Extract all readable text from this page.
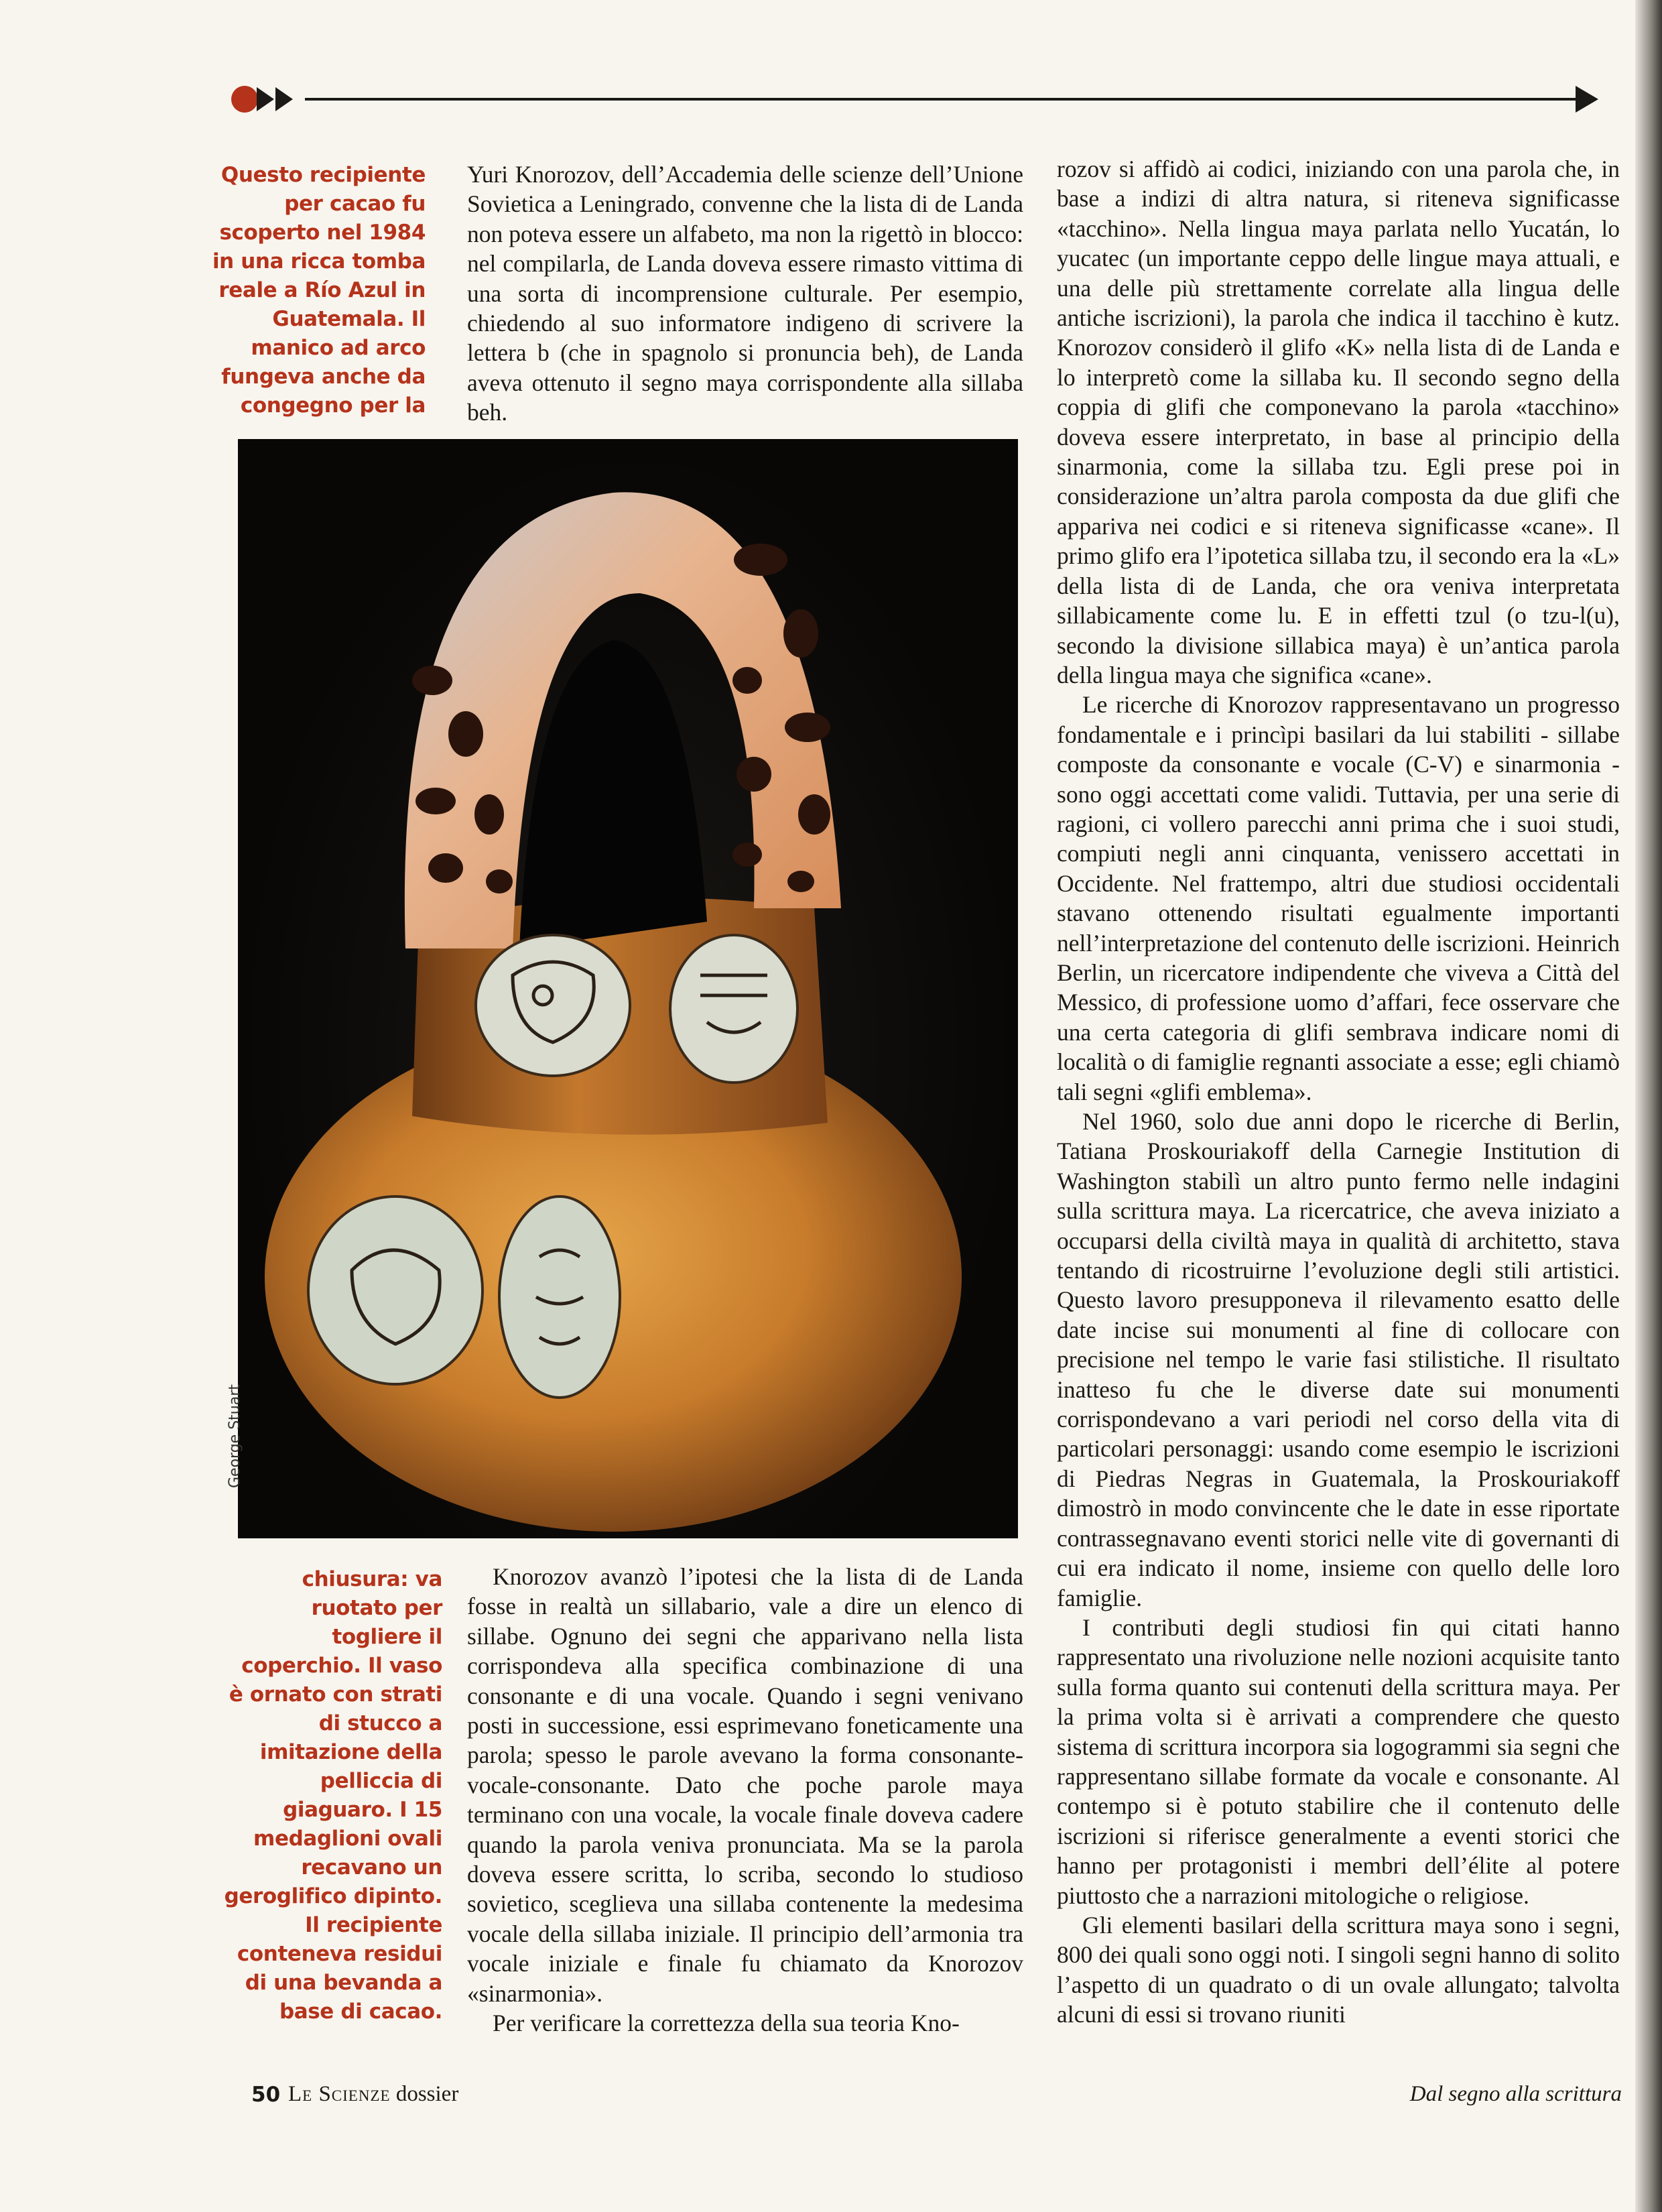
Questo recipiente per cacao fu scoperto nel 1984 in una ricca tomba reale a Río Azul in Guatemala. Il manico ad arco fungeva anche da congegno per la

Yuri Knorozov, dell’Accademia delle scienze dell’Unione Sovietica a Leningrado, convenne che la lista di de Landa non poteva essere un alfabeto, ma non la rigettò in blocco: nel compilarla, de Landa doveva essere rimasto vittima di una sorta di incomprensione culturale. Per esempio, chiedendo al suo informatore indigeno di scrivere la lettera b (che in spagnolo si pronuncia beh), de Landa aveva ottenuto il segno maya corrispondente alla sillaba beh.

George Stuart
chiusura: va ruotato per togliere il coperchio. Il vaso è ornato con strati di stucco a imitazione della pelliccia di giaguaro. I 15 medaglioni ovali recavano un geroglifico dipinto. Il recipiente conteneva residui di una bevanda a base di cacao.

Knorozov avanzò l’ipotesi che la lista di de Landa fosse in realtà un sillabario, vale a dire un elenco di sillabe. Ognuno dei segni che apparivano nella lista corrispondeva alla specifica combinazione di una consonante e di una vocale. Quando i segni venivano posti in successione, essi esprimevano foneticamente una parola; spesso le parole avevano la forma consonante-vocale-consonante. Dato che poche parole maya terminano con una vocale, la vocale finale doveva cadere quando la parola veniva pronunciata. Ma se la parola doveva essere scritta, lo scriba, secondo lo studioso sovietico, sceglieva una sillaba contenente la medesima vocale della sillaba iniziale. Il principio dell’armonia tra vocale iniziale e finale fu chiamato da Knorozov «sinarmonia».

Per verificare la correttezza della sua teoria Kno-

rozov si affidò ai codici, iniziando con una parola che, in base a indizi di altra natura, si riteneva significasse «tacchino». Nella lingua maya parlata nello Yucatán, lo yucatec (un importante ceppo delle lingue maya attuali, e una delle più strettamente correlate alla lingua delle antiche iscrizioni), la parola che indica il tacchino è kutz. Knorozov considerò il glifo «K» nella lista di de Landa e lo interpretò come la sillaba ku. Il secondo segno della coppia di glifi che componevano la parola «tacchino» doveva essere interpretato, in base al principio della sinarmonia, come la sillaba tzu. Egli prese poi in considerazione un’altra parola composta da due glifi che appariva nei codici e si riteneva significasse «cane». Il primo glifo era l’ipotetica sillaba tzu, il secondo era la «L» della lista di de Landa, che ora veniva interpretata sillabicamente come lu. E in effetti tzul (o tzu-l(u), secondo la divisione sillabica maya) è un’antica parola della lingua maya che significa «cane».

Le ricerche di Knorozov rappresentavano un progresso fondamentale e i princìpi basilari da lui stabiliti - sillabe composte da consonante e vocale (C-V) e sinarmonia - sono oggi accettati come validi. Tuttavia, per una serie di ragioni, ci vollero parecchi anni prima che i suoi studi, compiuti negli anni cinquanta, venissero accettati in Occidente. Nel frattempo, altri due studiosi occidentali stavano ottenendo risultati egualmente importanti nell’interpretazione del contenuto delle iscrizioni. Heinrich Berlin, un ricercatore indipendente che viveva a Città del Messico, di professione uomo d’affari, fece osservare che una certa categoria di glifi sembrava indicare nomi di località o di famiglie regnanti associate a esse; egli chiamò tali segni «glifi emblema».

Nel 1960, solo due anni dopo le ricerche di Berlin, Tatiana Proskouriakoff della Carnegie Institution di Washington stabilì un altro punto fermo nelle indagini sulla scrittura maya. La ricercatrice, che aveva iniziato a occuparsi della civiltà maya in qualità di architetto, stava tentando di ricostruirne l’evoluzione degli stili artistici. Questo lavoro presupponeva il rilevamento esatto delle date incise sui monumenti al fine di collocare con precisione nel tempo le varie fasi stilistiche. Il risultato inatteso fu che le diverse date sui monumenti corrispondevano a vari periodi nel corso della vita di particolari personaggi: usando come esempio le iscrizioni di Piedras Negras in Guatemala, la Proskouriakoff dimostrò in modo convincente che le date in esse riportate contrassegnavano eventi storici nelle vite di governanti di cui era indicato il nome, insieme con quello delle loro famiglie.

I contributi degli studiosi fin qui citati hanno rappresentato una rivoluzione nelle nozioni acquisite tanto sulla forma quanto sui contenuti della scrittura maya. Per la prima volta si è arrivati a comprendere che questo sistema di scrittura incorpora sia logogrammi sia segni che rappresentano sillabe formate da vocale e consonante. Al contempo si è potuto stabilire che il contenuto delle iscrizioni si riferisce generalmente a eventi storici che hanno per protagonisti i membri dell’élite al potere piuttosto che a narrazioni mitologiche o religiose.

Gli elementi basilari della scrittura maya sono i segni, 800 dei quali sono oggi noti. I singoli segni hanno di solito l’aspetto di un quadrato o di un ovale allungato; talvolta alcuni di essi si trovano riuniti

50 Le Scienze dossier	Dal segno alla scrittura
